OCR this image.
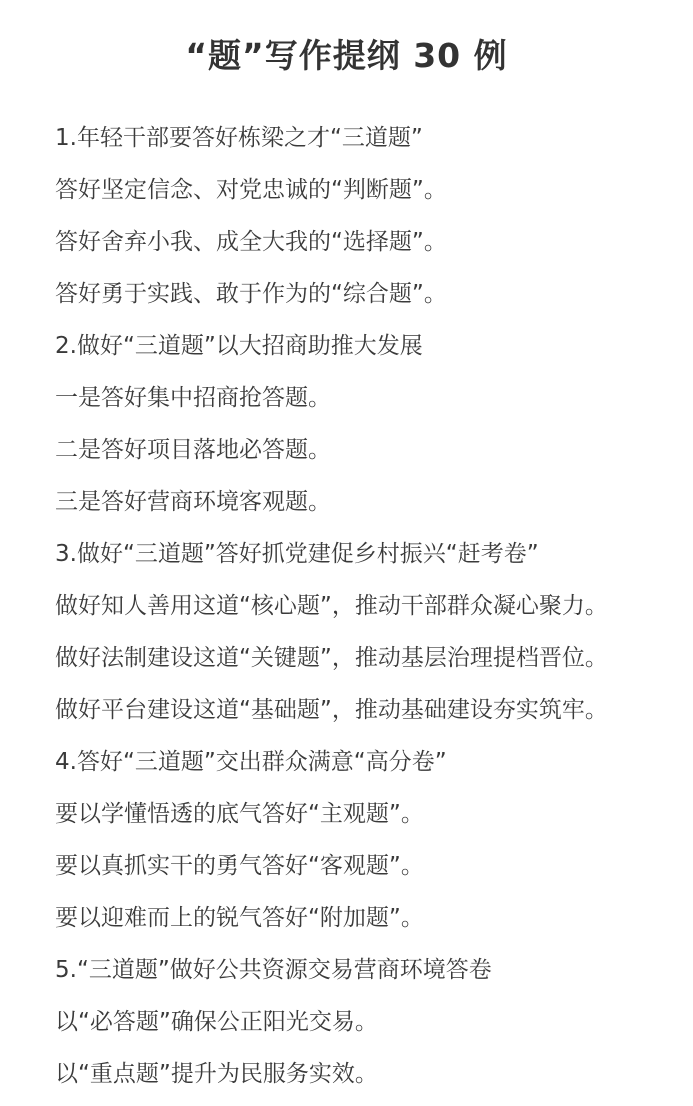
“题”写作提纲 30 例
1.年轻干部要答好栋梁之才“三道题”
答好坚定信念、对党忠诚的“判断题”。
答好舍弃小我、成全大我的“选择题”。
答好勇于实践、敢于作为的“综合题”。
2.做好“三道题”以大招商助推大发展
一是答好集中招商抢答题。
二是答好项目落地必答题。
三是答好营商环境客观题。
3.做好“三道题”答好抓党建促乡村振兴“赶考卷”
做好知人善用这道“核心题”，推动干部群众凝心聚力。
做好法制建设这道“关键题”，推动基层治理提档晋位。
做好平台建设这道“基础题”，推动基础建设夯实筑牢。
4.答好“三道题”交出群众满意“高分卷”
要以学懂悟透的底气答好“主观题”。
要以真抓实干的勇气答好“客观题”。
要以迎难而上的锐气答好“附加题”。
5.“三道题”做好公共资源交易营商环境答卷
以“必答题”确保公正阳光交易。
以“重点题”提升为民服务实效。
